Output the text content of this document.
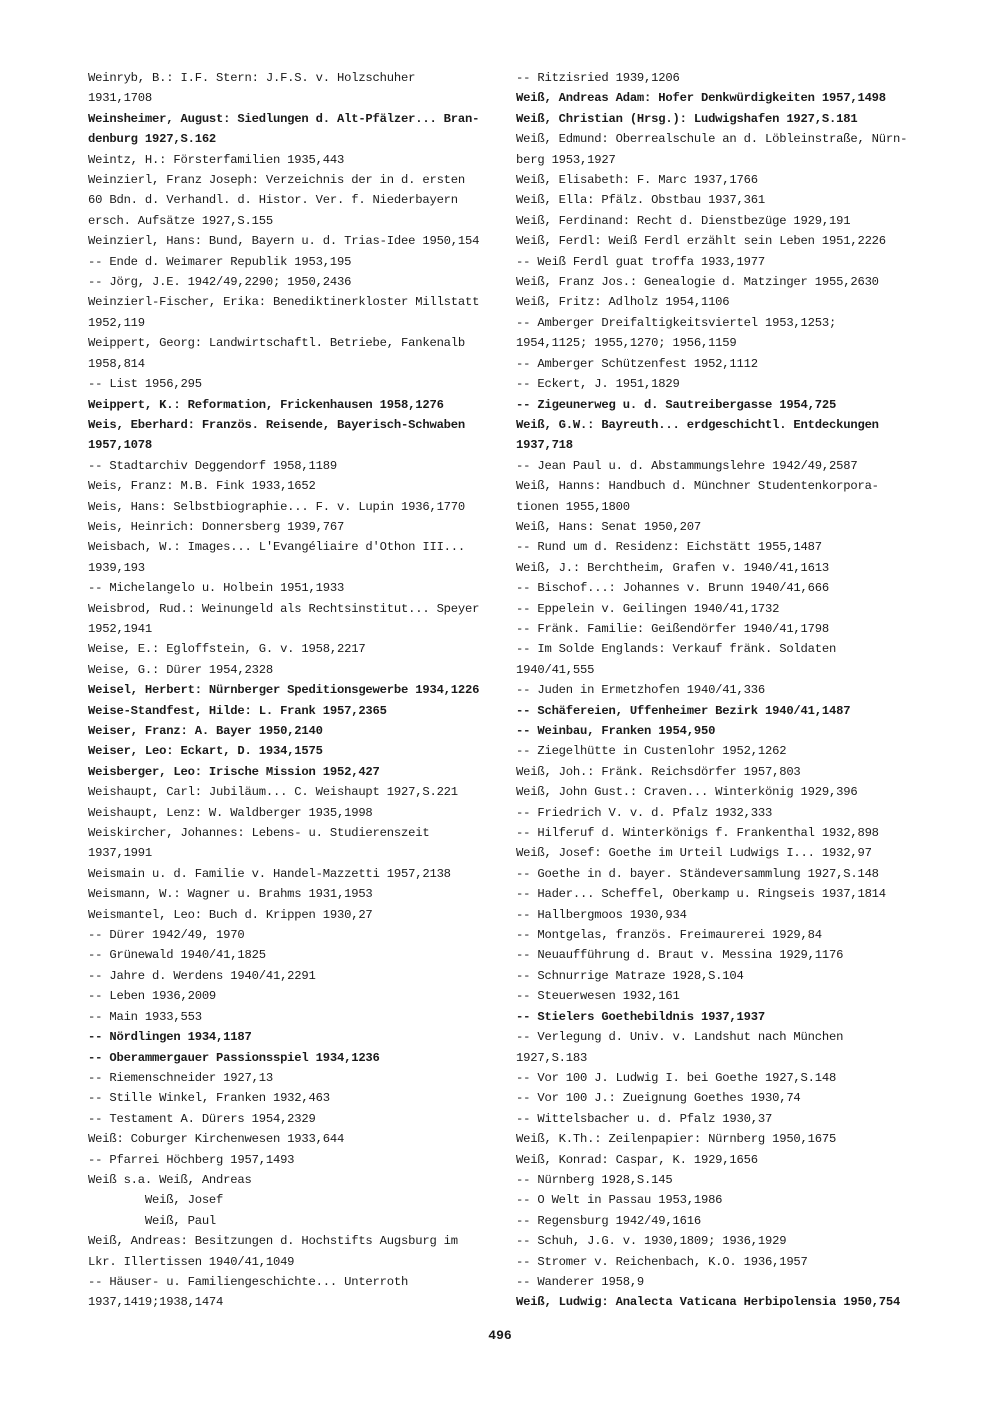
Weinryb, B.: I.F. Stern: J.F.S. v. Holzschuher
1931,1708
Weinsheimer, August: Siedlungen d. Alt-Pfälzer... Bran-
denburg 1927,S.162
Weintz, H.: Försterfamilien 1935,443
Weinzierl, Franz Joseph: Verzeichnis der in d. ersten
60 Bdn. d. Verhandl. d. Histor. Ver. f. Niederbayern
ersch. Aufsätze 1927,S.155
Weinzierl, Hans: Bund, Bayern u. d. Trias-Idee 1950,154
-- Ende d. Weimarer Republik 1953,195
-- Jörg, J.E. 1942/49,2290; 1950,2436
Weinzierl-Fischer, Erika: Benediktinerkloster Millstatt
1952,119
Weippert, Georg: Landwirtschaftl. Betriebe, Fankenalb
1958,814
-- List 1956,295
Weippert, K.: Reformation, Frickenhausen 1958,1276
Weis, Eberhard: Französ. Reisende, Bayerisch-Schwaben
1957,1078
-- Stadtarchiv Deggendorf 1958,1189
Weis, Franz: M.B. Fink 1933,1652
Weis, Hans: Selbstbiographie... F. v. Lupin 1936,1770
Weis, Heinrich: Donnersberg 1939,767
Weisbach, W.: Images... L'Evangéliaire d'Othon III...
1939,193
-- Michelangelo u. Holbein 1951,1933
Weisbrod, Rud.: Weinungeld als Rechtsinstitut... Speyer
1952,1941
Weise, E.: Egloffstein, G. v. 1958,2217
Weise, G.: Dürer 1954,2328
Weisel, Herbert: Nürnberger Speditionsgewerbe 1934,1226
Weise-Standfest, Hilde: L. Frank 1957,2365
Weiser, Franz: A. Bayer 1950,2140
Weiser, Leo: Eckart, D. 1934,1575
Weisberger, Leo: Irische Mission 1952,427
Weishaupt, Carl: Jubiläum... C. Weishaupt 1927,S.221
Weishaupt, Lenz: W. Waldberger 1935,1998
Weiskircher, Johannes: Lebens- u. Studierenszeit
1937,1991
Weismain u. d. Familie v. Handel-Mazzetti 1957,2138
Weismann, W.: Wagner u. Brahms 1931,1953
Weismantel, Leo: Buch d. Krippen 1930,27
-- Dürer 1942/49, 1970
-- Grünewald 1940/41,1825
-- Jahre d. Werdens 1940/41,2291
-- Leben 1936,2009
-- Main 1933,553
-- Nördlingen 1934,1187
-- Oberammergauer Passionsspiel 1934,1236
-- Riemenschneider 1927,13
-- Stille Winkel, Franken 1932,463
-- Testament A. Dürers 1954,2329
Weiß: Coburger Kirchenwesen 1933,644
-- Pfarrei Höchberg 1957,1493
Weiß s.a. Weiß, Andreas
Weiß, Josef
Weiß, Paul
Weiß, Andreas: Besitzungen d. Hochstifts Augsburg im
Lkr. Illertissen 1940/41,1049
-- Häuser- u. Familiengeschichte... Unterroth
1937,1419;1938,1474
-- Ritzisried 1939,1206
Weiß, Andreas Adam: Hofer Denkwürdigkeiten 1957,1498
Weiß, Christian (Hrsg.): Ludwigshafen 1927,S.181
Weiß, Edmund: Oberrealschule an d. Löbleinstraße, Nürn-
berg 1953,1927
Weiß, Elisabeth: F. Marc 1937,1766
Weiß, Ella: Pfälz. Obstbau 1937,361
Weiß, Ferdinand: Recht d. Dienstbezüge 1929,191
Weiß, Ferdl: Weiß Ferdl erzählt sein Leben 1951,2226
-- Weiß Ferdl guat troffa 1933,1977
Weiß, Franz Jos.: Genealogie d. Matzinger 1955,2630
Weiß, Fritz: Adlholz 1954,1106
-- Amberger Dreifaltigkeitsviertel 1953,1253;
1954,1125; 1955,1270; 1956,1159
-- Amberger Schützenfest 1952,1112
-- Eckert, J. 1951,1829
-- Zigeunerweg u. d. Sautreibergasse 1954,725
Weiß, G.W.: Bayreuth... erdgeschichtl. Entdeckungen
1937,718
-- Jean Paul u. d. Abstammungslehre 1942/49,2587
Weiß, Hanns: Handbuch d. Münchner Studentenkorpora-
tionen 1955,1800
Weiß, Hans: Senat 1950,207
-- Rund um d. Residenz: Eichstätt 1955,1487
Weiß, J.: Berchtheim, Grafen v. 1940/41,1613
-- Bischof...: Johannes v. Brunn 1940/41,666
-- Eppelein v. Geilingen 1940/41,1732
-- Fränk. Familie: Geißendörfer 1940/41,1798
-- Im Solde Englands: Verkauf fränk. Soldaten
1940/41,555
-- Juden in Ermetzhofen 1940/41,336
-- Schäfereien, Uffenheimer Bezirk 1940/41,1487
-- Weinbau, Franken 1954,950
-- Ziegelhütte in Custenlohr 1952,1262
Weiß, Joh.: Fränk. Reichsdörfer 1957,803
Weiß, John Gust.: Craven... Winterkönig 1929,396
-- Friedrich V. v. d. Pfalz 1932,333
-- Hilferuf d. Winterkönigs f. Frankenthal 1932,898
Weiß, Josef: Goethe im Urteil Ludwigs I... 1932,97
-- Goethe in d. bayer. Ständeversammlung 1927,S.148
-- Hader... Scheffel, Oberkamp u. Ringseis 1937,1814
-- Hallbergmoos 1930,934
-- Montgelas, französ. Freimaurerei 1929,84
-- Neuaufführung d. Braut v. Messina 1929,1176
-- Schnurrige Matraze 1928,S.104
-- Steuerwesen 1932,161
-- Stielers Goethebildnis 1937,1937
-- Verlegung d. Univ. v. Landshut nach München
1927,S.183
-- Vor 100 J. Ludwig I. bei Goethe 1927,S.148
-- Vor 100 J.: Zueignung Goethes 1930,74
-- Wittelsbacher u. d. Pfalz 1930,37
Weiß, K.Th.: Zeilenpapier: Nürnberg 1950,1675
Weiß, Konrad: Caspar, K. 1929,1656
-- Nürnberg 1928,S.145
-- O Welt in Passau 1953,1986
-- Regensburg 1942/49,1616
-- Schuh, J.G. v. 1930,1809; 1936,1929
-- Stromer v. Reichenbach, K.O. 1936,1957
-- Wanderer 1958,9
Weiß, Ludwig: Analecta Vaticana Herbipolensia 1950,754
496
